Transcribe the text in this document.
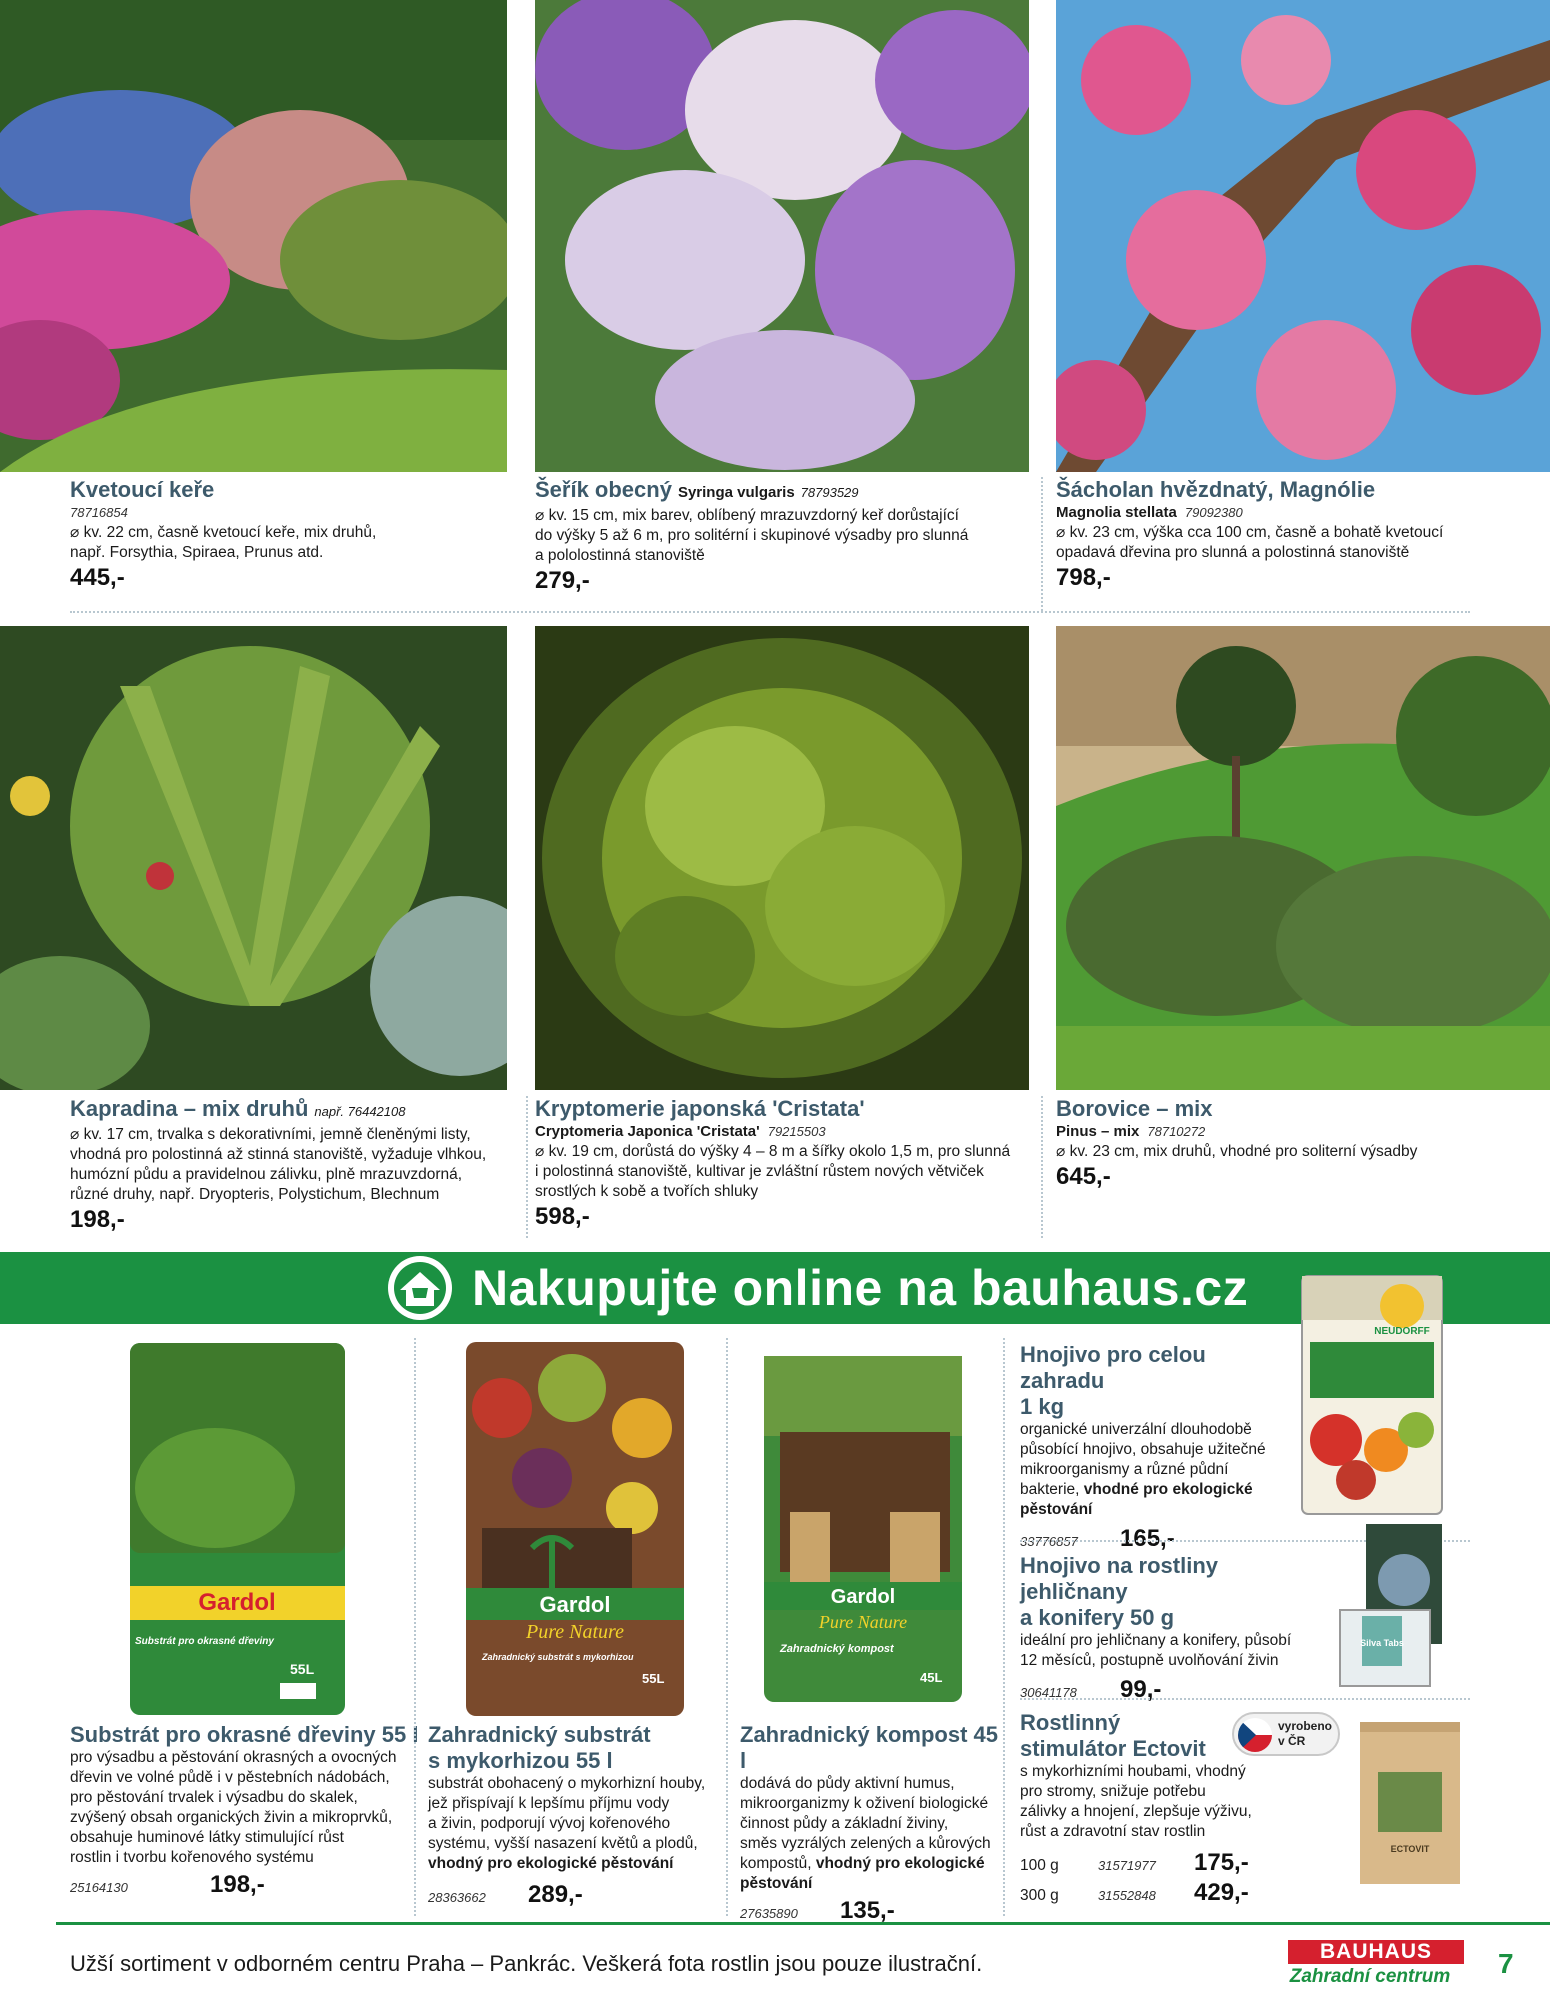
Kvetoucí keře
78716854
⌀ kv. 22 cm, časně kvetoucí keře, mix druhů,
např. Forsythia, Spiraea, Prunus atd.
445,-
Šeřík obecný Syringa vulgaris 78793529
⌀ kv. 15 cm, mix barev, oblíbený mrazuvzdorný keř dorůstající
do výšky 5 až 6 m, pro solitérní i skupinové výsadby pro slunná
a pololostinná stanoviště
279,-
Šácholan hvězdnatý, Magnólie
Magnolia stellata 79092380
⌀ kv. 23 cm, výška cca 100 cm, časně a bohatě kvetoucí
opadavá dřevina pro slunná a polostinná stanoviště
798,-
Kapradina – mix druhů např. 76442108
⌀ kv. 17 cm, trvalka s dekorativními, jemně členěnými listy,
vhodná pro polostinná až stinná stanoviště, vyžaduje vlhkou,
humózní půdu a pravidelnou zálivku, plně mrazuvzdorná,
různé druhy, např. Dryopteris, Polystichum, Blechnum
198,-
Kryptomerie japonská 'Cristata'
Cryptomeria Japonica 'Cristata' 79215503
⌀ kv. 19 cm, dorůstá do výšky 4 – 8 m a šířky okolo 1,5 m, pro slunná
i polostinná stanoviště, kultivar je zvláštní růstem nových větviček
srostlých k sobě a tvořích shluky
598,-
Borovice – mix
Pinus – mix 78710272
⌀ kv. 23 cm, mix druhů, vhodné pro soliterní výsadby
645,-
Nakupujte online na bauhaus.cz
Gardol
Substrát pro okrasné dřeviny
55L
Gardol
Pure Nature
Zahradnický substrát s mykorhizou
55L
Gardol
Pure Nature
Zahradnický kompost
45L
Substrát pro okrasné dřeviny 55 l
pro výsadbu a pěstování okrasných a ovocných
dřevin ve volné půdě i v pěstebních nádobách,
pro pěstování trvalek i výsadbu do skalek,
zvýšený obsah organických živin a mikroprvků,
obsahuje huminové látky stimulující růst
rostlin i tvorbu kořenového systému
25164130	198,-
Zahradnický substrát
s mykorhizou 55 l
substrát obohacený o mykorhizní houby,
jež přispívají k lepšímu příjmu vody
a živin, podporují vývoj kořenového
systému, vyšší nasazení květů a plodů,
vhodný pro ekologické pěstování
28363662	289,-
Zahradnický kompost 45 l
dodává do půdy aktivní humus,
mikroorganizmy k oživení biologické
činnost půdy a základní živiny,
směs vyzrálých zelených a kůrových
kompostů, vhodný pro ekologické
pěstování
27635890	135,-
Hnojivo pro celou zahradu
1 kg
organické univerzální dlouhodobě
působící hnojivo, obsahuje užitečné
mikroorganismy a různé půdní
bakterie, vhodné pro ekologické
pěstování
33776857	165,-
NEUDORFF
Hnojivo na rostliny jehličnany
a konifery 50 g
ideální pro jehličnany a konifery, působí
12 měsíců, postupně uvolňování živin
30641178	99,-
Silva Tabs
Rostlinný
stimulátor Ectovit
s mykorhizními houbami, vhodný
pro stromy, snižuje potřebu
zálivky a hnojení, zlepšuje výživu,
růst a zdravotní stav rostlin
100 g	31571977	175,-
300 g	31552848	429,-
vyrobeno
v ČR
ECTOVIT
Užší sortiment v odborném centru Praha – Pankrác. Veškerá fota rostlin jsou pouze ilustrační.	BAUHAUS
Zahradní centrum	7
